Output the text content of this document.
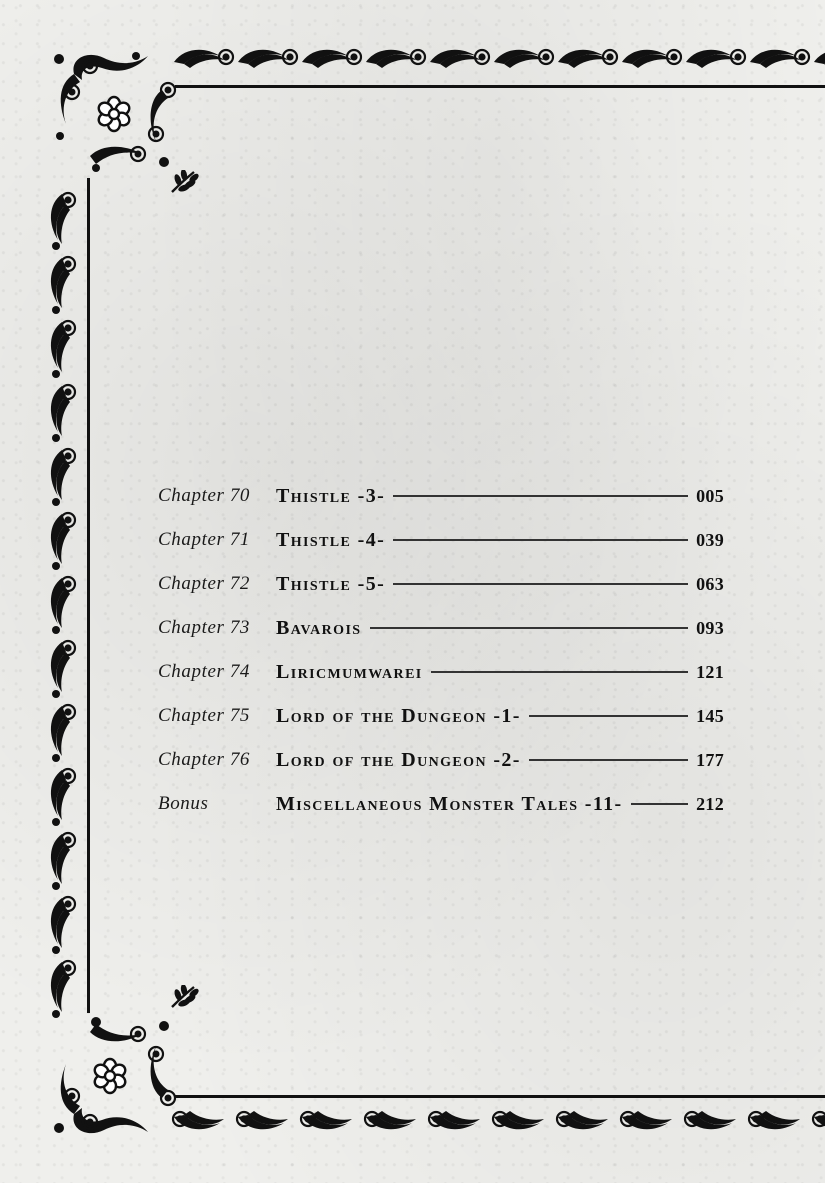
Chapter 70	Thistle -3-	005
Chapter 71	Thistle -4-	039
Chapter 72	Thistle -5-	063
Chapter 73	Bavarois	093
Chapter 74	Liricmumwarei	121
Chapter 75	Lord of the Dungeon -1-	145
Chapter 76	Lord of the Dungeon -2-	177
Bonus	Miscellaneous Monster Tales -11-	212
